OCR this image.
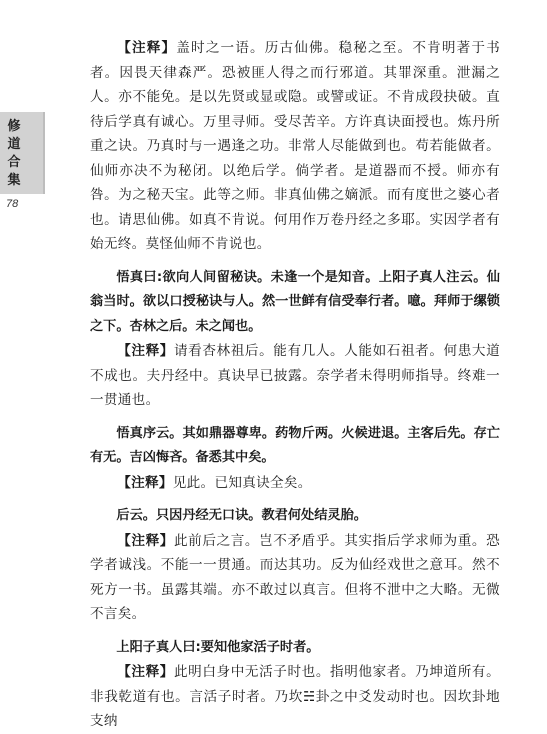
修道合集
78

【注释】盖时之一语。历古仙佛。稳秘之至。不肯明著于书者。因畏天律森严。恐被匪人得之而行邪道。其罪深重。泄漏之人。亦不能免。是以先贤或显或隐。或譬或证。不肯成段抉破。直待后学真有诚心。万里寻师。受尽苦辛。方许真诀面授也。炼丹所重之诀。乃真时与一遇逢之功。非常人尽能做到也。苟若能做者。仙师亦决不为秘闭。以绝后学。倘学者。是道器而不授。师亦有咎。为之秘天宝。此等之师。非真仙佛之嫡派。而有度世之婆心者也。请思仙佛。如真不肯说。何用作万卷丹经之多耶。实因学者有始无终。莫怪仙师不肯说也。

悟真曰:欲向人间留秘诀。未逢一个是知音。上阳子真人注云。仙翁当时。欲以口授秘诀与人。然一世鲜有信受奉行者。噫。拜师于缧锁之下。杏林之后。未之闻也。

【注释】请看杏林祖后。能有几人。人能如石祖者。何患大道不成也。夫丹经中。真诀早已披露。奈学者未得明师指导。终难一一贯通也。

悟真序云。其如鼎器尊卑。药物斤两。火候进退。主客后先。存亡有无。吉凶悔吝。备悉其中矣。

【注释】见此。已知真诀全矣。

后云。只因丹经无口诀。教君何处结灵胎。

【注释】此前后之言。岂不矛盾乎。其实指后学求师为重。恐学者诚浅。不能一一贯通。而达其功。反为仙经戏世之意耳。然不死方一书。虽露其端。亦不敢过以真言。但将不泄中之大略。无微不言矣。

上阳子真人曰:要知他家活子时者。

【注释】此明白身中无活子时也。指明他家者。乃坤道所有。非我乾道有也。言活子时者。乃坎☵卦之中爻发动时也。因坎卦地支纳
